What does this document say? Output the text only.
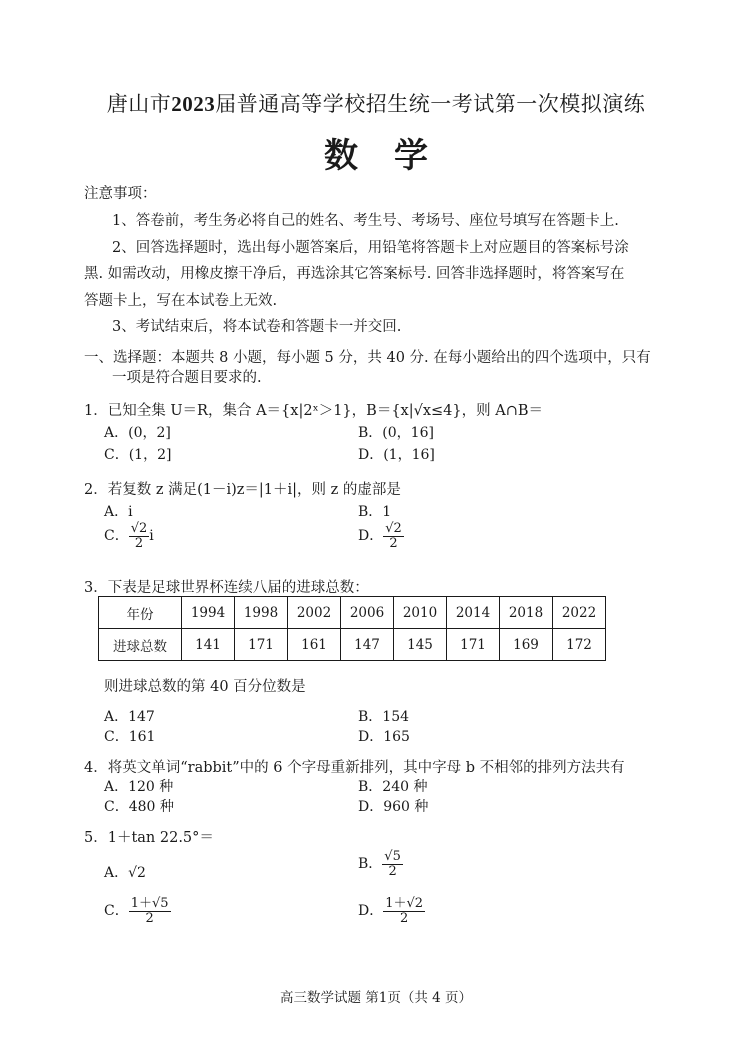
唐山市2023届普通高等学校招生统一考试第一次模拟演练
数学
注意事项：
1、答卷前，考生务必将自己的姓名、考生号、考场号、座位号填写在答题卡上.
2、回答选择题时，选出每小题答案后，用铅笔将答题卡上对应题目的答案标号涂
黑. 如需改动，用橡皮擦干净后，再选涂其它答案标号. 回答非选择题时，将答案写在
答题卡上，写在本试卷上无效.
3、考试结束后，将本试卷和答题卡一并交回.
一、选择题：本题共 8 小题，每小题 5 分，共 40 分. 在每小题给出的四个选项中，只有
一项是符合题目要求的.
1．已知全集 U＝R，集合 A＝{x|2ˣ＞1}，B＝{x|√x≤4}，则 A∩B＝
A．(0，2]	B．(0，16]
C．(1，2]	D．(1，16]
2．若复数 z 满足(1－i)z＝|1＋i|，则 z 的虚部是
A．i	B．1
C． $\frac{√2}{2}$ i	D． $\frac{√2}{2}$
3．下表是足球世界杯连续八届的进球总数：
年份	1994	1998	2002	2006	2010	2014	2018	2022
进球总数	141	171	161	147	145	171	169	172
则进球总数的第 40 百分位数是
A．147	B．154
C．161	D．165
4．将英文单词“rabbit”中的 6 个字母重新排列，其中字母 b 不相邻的排列方法共有
A．120 种	B．240 种
C．480 种	D．960 种
5．1＋tan 22.5°＝
A．√2
B． $\frac{√5}{2}$
C． $\frac{1+√5}{2}$	D． $\frac{1+√2}{2}$
高三数学试题 第1页（共 4 页）
